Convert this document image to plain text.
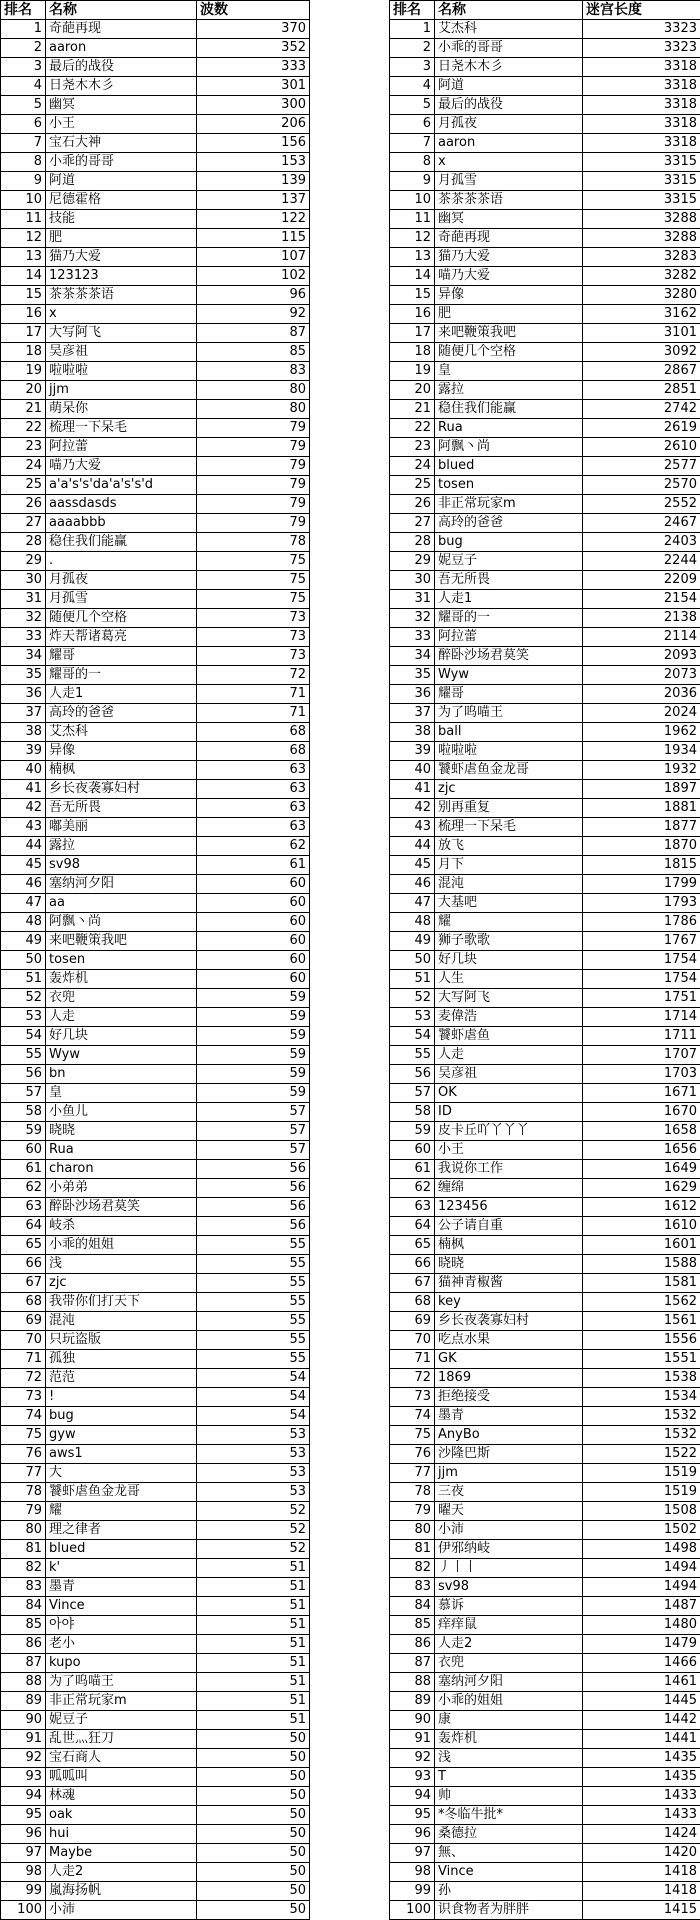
排名	名称	波数
1	奇葩再现	370
2	aaron	352
3	最后的战役	333
4	日尧木木彡	301
5	幽冥	300
6	小王	206
7	宝石大神	156
8	小乖的哥哥	153
9	阿道	139
10	尼德霍格	137
11	技能	122
12	肥	115
13	猫乃大爱	107
14	123123	102
15	茶茶茶茶语	96
16	x	92
17	大写阿飞	87
18	吴彦祖	85
19	啦啦啦	83
20	jjm	80
21	萌呆你	80
22	梳理一下呆毛	79
23	阿拉蕾	79
24	喵乃大爱	79
25	a'a's's'da'a's's'd	79
26	aassdasds	79
27	aaaabbb	79
28	稳住我们能赢	78
29	.	75
30	月孤夜	75
31	月孤雪	75
32	随便几个空格	73
33	炸天帮诸葛亮	73
34	耀哥	73
35	耀哥的一	72
36	人走1	71
37	高玲的爸爸	71
38	艾杰科	68
39	异像	68
40	楠枫	63
41	乡长夜袭寡妇村	63
42	吾无所畏	63
43	嘟美丽	63
44	露拉	62
45	sv98	61
46	塞纳河夕阳	60
47	aa	60
48	阿飘丶尚	60
49	来吧鞭策我吧	60
50	tosen	60
51	轰炸机	60
52	衣兜	59
53	人走	59
54	好几块	59
55	Wyw	59
56	bn	59
57	皇	59
58	小鱼儿	57
59	晓晓	57
60	Rua	57
61	charon	56
62	小弟弟	56
63	醉卧沙场君莫笑	56
64	岐杀	56
65	小乖的姐姐	55
66	浅	55
67	zjc	55
68	我带你们打天下	55
69	混沌	55
70	只玩盗版	55
71	孤独	55
72	范范	54
73	!	54
74	bug	54
75	gyw	53
76	aws1	53
77	大	53
78	饕虾虐鱼金龙哥	53
79	耀	52
80	理之律者	52
81	blued	52
82	k'	51
83	墨青	51
84	Vince	51
85	아야	51
86	老小	51
87	kupo	51
88	为了呜喵王	51
89	非正常玩家m	51
90	妮豆子	51
91	乱世灬狂刀	50
92	宝石商人	50
93	呱呱叫	50
94	林魂	50
95	oak	50
96	hui	50
97	Maybe	50
98	人走2	50
99	嵐海扬帆	50
100	小沛	50
排名	名称	迷宫长度
1	艾杰科	3323
2	小乖的哥哥	3323
3	日尧木木彡	3318
4	阿道	3318
5	最后的战役	3318
6	月孤夜	3318
7	aaron	3318
8	x	3315
9	月孤雪	3315
10	茶茶茶茶语	3315
11	幽冥	3288
12	奇葩再现	3288
13	猫乃大爱	3283
14	喵乃大爱	3282
15	异像	3280
16	肥	3162
17	来吧鞭策我吧	3101
18	随便几个空格	3092
19	皇	2867
20	露拉	2851
21	稳住我们能赢	2742
22	Rua	2619
23	阿飘丶尚	2610
24	blued	2577
25	tosen	2570
26	非正常玩家m	2552
27	高玲的爸爸	2467
28	bug	2403
29	妮豆子	2244
30	吾无所畏	2209
31	人走1	2154
32	耀哥的一	2138
33	阿拉蕾	2114
34	醉卧沙场君莫笑	2093
35	Wyw	2073
36	耀哥	2036
37	为了呜喵王	2024
38	ball	1962
39	啦啦啦	1934
40	饕虾虐鱼金龙哥	1932
41	zjc	1897
42	别再重复	1881
43	梳理一下呆毛	1877
44	放飞	1870
45	月下	1815
46	混沌	1799
47	大基吧	1793
48	耀	1786
49	狮子歌歌	1767
50	好几块	1754
51	人生	1754
52	大写阿飞	1751
53	麦偉浩	1714
54	饕虾虐鱼	1711
55	人走	1707
56	吴彦祖	1703
57	OK	1671
58	ID	1670
59	皮卡丘吖丫丫丫	1658
60	小王	1656
61	我说你工作	1649
62	缠绵	1629
63	123456	1612
64	公子请自重	1610
65	楠枫	1601
66	晓晓	1588
67	猫神青椒酱	1581
68	key	1562
69	乡长夜袭寡妇村	1561
70	吃点水果	1556
71	GK	1551
72	1869	1538
73	拒绝接受	1534
74	墨青	1532
75	AnyBo	1532
76	沙隆巴斯	1522
77	jjm	1519
78	三夜	1519
79	曜天	1508
80	小沛	1502
81	伊邪纳岐	1498
82	丿丨丨	1494
83	sv98	1494
84	慕诉	1487
85	痒痒鼠	1480
86	人走2	1479
87	衣兜	1466
88	塞纳河夕阳	1461
89	小乖的姐姐	1445
90	康	1442
91	轰炸机	1441
92	浅	1435
93	T	1435
94	帅	1433
95	*冬临牛批*	1433
96	桑德拉	1424
97	無、	1420
98	Vince	1418
99	孙	1418
100	识食物者为胖胖	1415
